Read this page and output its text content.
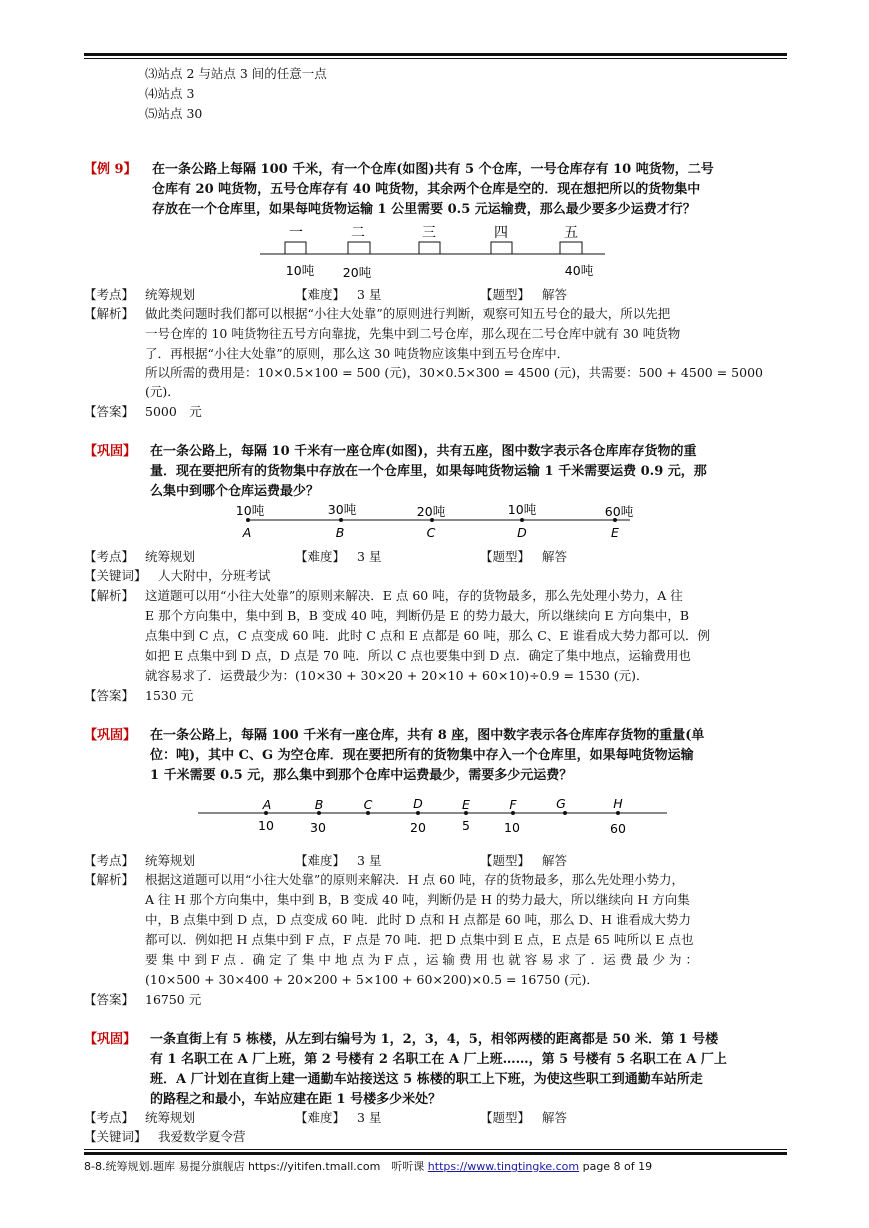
⑶站点 2 与站点 3 间的任意一点
⑷站点 3
⑸站点 30
【例 9】 在一条公路上每隔 100 千米，有一个仓库(如图)共有 5 个仓库，一号仓库存有 10 吨货物，二号
仓库有 20 吨货物，五号仓库存有 40 吨货物，其余两个仓库是空的．现在想把所以的货物集中
存放在一个仓库里，如果每吨货物运输 1 公里需要 0.5 元运输费，那么最少要多少运费才行？
一	二	三	四	五
10吨 20吨	40吨
【考点】 统筹规划	【难度】 3 星	【题型】 解答
【解析】 做此类问题时我们都可以根据“小往大处靠”的原则进行判断，观察可知五号仓的最大，所以先把
一号仓库的 10 吨货物往五号方向靠拢，先集中到二号仓库，那么现在二号仓库中就有 30 吨货物
了．再根据“小往大处靠”的原则，那么这 30 吨货物应该集中到五号仓库中．
所以所需的费用是：10×0.5×100 = 500 (元)，30×0.5×300 = 4500 (元)，共需要：500 + 4500 = 5000
(元)．
【答案】 5000　元
【巩固】 在一条公路上，每隔 10 千米有一座仓库(如图)，共有五座，图中数字表示各仓库库存货物的重
量．现在要把所有的货物集中存放在一个仓库里，如果每吨货物运输 1 千米需要运费 0.9 元，那
么集中到哪个仓库运费最少？
10吨	30吨	20吨	10吨	60吨
A	B	C	D	E
【考点】 统筹规划	【难度】 3 星	【题型】 解答
【关键词】 人大附中，分班考试
【解析】 这道题可以用“小往大处靠”的原则来解决．E 点 60 吨，存的货物最多，那么先处理小势力，A 往
E 那个方向集中，集中到 B，B 变成 40 吨，判断仍是 E 的势力最大，所以继续向 E 方向集中，B
点集中到 C 点，C 点变成 60 吨．此时 C 点和 E 点都是 60 吨，那么 C、E 谁看成大势力都可以．例
如把 E 点集中到 D 点，D 点是 70 吨．所以 C 点也要集中到 D 点．确定了集中地点，运输费用也
就容易求了．运费最少为：(10×30 + 30×20 + 20×10 + 60×10)÷0.9 = 1530 (元)．
【答案】 1530 元
【巩固】 在一条公路上，每隔 100 千米有一座仓库，共有 8 座，图中数字表示各仓库库存货物的重量(单
位：吨)，其中 C、G 为空仓库．现在要把所有的货物集中存入一个仓库里，如果每吨货物运输
1 千米需要 0.5 元，那么集中到那个仓库中运费最少，需要多少元运费？
A	B	C	D	E	F	G	H
10	30	20	5	10	60
【考点】 统筹规划	【难度】 3 星	【题型】 解答
【解析】 根据这道题可以用“小往大处靠”的原则来解决．H 点 60 吨，存的货物最多，那么先处理小势力，
A 往 H 那个方向集中，集中到 B，B 变成 40 吨，判断仍是 H 的势力最大，所以继续向 H 方向集
中，B 点集中到 D 点，D 点变成 60 吨．此时 D 点和 H 点都是 60 吨，那么 D、H 谁看成大势力
都可以．例如把 H 点集中到 F 点，F 点是 70 吨．把 D 点集中到 E 点，E 点是 65 吨所以 E 点也
要 集 中 到 F 点 ．确 定 了 集 中 地 点 为 F 点 ，运 输 费 用 也 就 容 易 求 了 ．运 费 最 少 为 ：
(10×500 + 30×400 + 20×200 + 5×100 + 60×200)×0.5 = 16750 (元)．
【答案】 16750 元
【巩固】 一条直街上有 5 栋楼，从左到右编号为 1，2，3，4，5，相邻两楼的距离都是 50 米．第 1 号楼
有 1 名职工在 A 厂上班，第 2 号楼有 2 名职工在 A 厂上班……，第 5 号楼有 5 名职工在 A 厂上
班．A 厂计划在直街上建一通勤车站接送这 5 栋楼的职工上下班，为使这些职工到通勤车站所走
的路程之和最小，车站应建在距 1 号楼多少米处？
【考点】 统筹规划	【难度】 3 星	【题型】 解答
【关键词】 我爱数学夏令营
8-8.统筹规划.题库 易提分旗舰店 https://yitifen.tmall.com　听听课 https://www.tingtingke.com page 8 of 19
